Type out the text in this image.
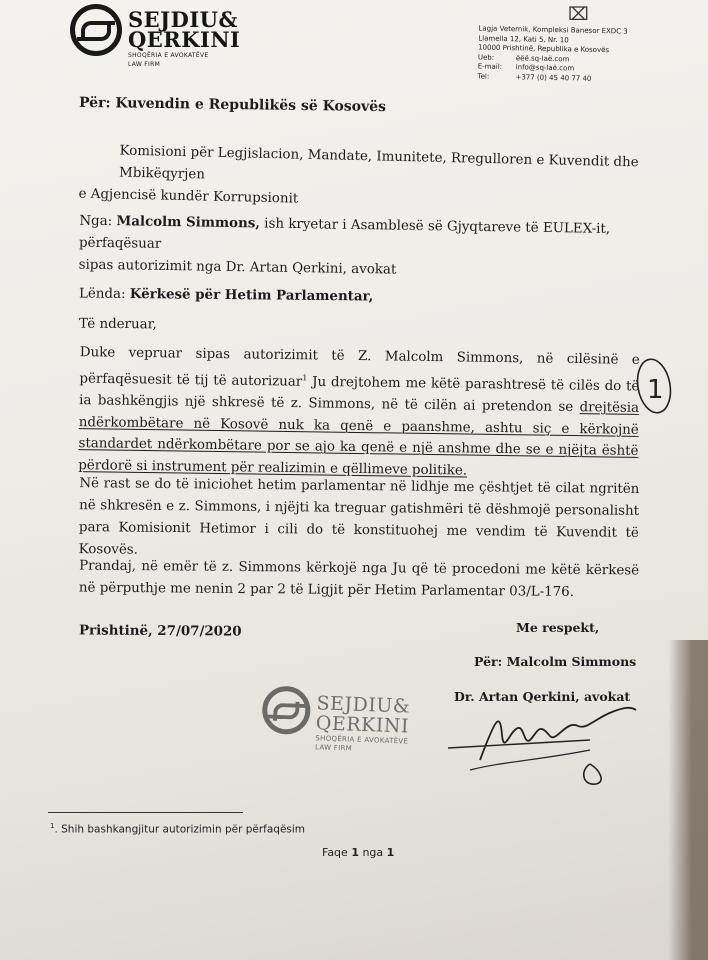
SEJDIU&
QERKINI
SHOQËRIA E AVOKATËVE
LAW FIRM
⌧
Lagja Veternik, Kompleksi Banesor EXDC 3
Llamella 12, Kati 5, Nr. 10
10000 Prishtinë, Republika e Kosovës
Ueb:	ëëë.sq-laë.com
E-mail:	info@sq-laë.com
Tel:	+377 (0) 45 40 77 40
Për: Kuvendin e Republikës së Kosovës
Komisioni për Legjislacion, Mandate, Imunitete, Rregulloren e Kuvendit dhe Mbikëqyrjen
e Agjencisë kundër Korrupsionit
Nga: Malcolm Simmons, ish kryetar i Asamblesë së Gjyqtareve të EULEX-it, përfaqësuar
sipas autorizimit nga Dr. Artan Qerkini, avokat
Lënda: Kërkesë për Hetim Parlamentar,
Të nderuar,
Duke vepruar sipas autorizimit të Z. Malcolm Simmons, në cilësinë e përfaqësuesit të tij të autorizuar$^1$ Ju drejtohem me këtë parashtresë të cilës do të ia bashkëngjis një shkresë të z. Simmons, në të cilën ai pretendon se drejtësia ndërkombëtare në Kosovë nuk ka qenë e paanshme, ashtu siç e kërkojnë standardet ndërkombëtare por se ajo ka qenë e një anshme dhe se e njëjta është përdorë si instrument për realizimin e qëllimeve politike.
1
Në rast se do të iniciohet hetim parlamentar në lidhje me çështjet të cilat ngritën në shkresën e z. Simmons, i njëjti ka treguar gatishmëri të dëshmojë personalisht para Komisionit Hetimor i cili do të konstituohej me vendim të Kuvendit të Kosovës.
Prandaj, në emër të z. Simmons kërkojë nga Ju që të procedoni me këtë kërkesë në përputhje me nenin 2 par 2 të Ligjit për Hetim Parlamentar 03/L-176.
Prishtinë, 27/07/2020	Me respekt,
Për: Malcolm Simmons
Dr. Artan Qerkini, avokat
SEJDIU&
QERKINI
SHOQËRIA E AVOKATËVE
LAW FIRM
$^1$. Shih bashkangjitur autorizimin për përfaqësim
Faqe 1 nga 1
